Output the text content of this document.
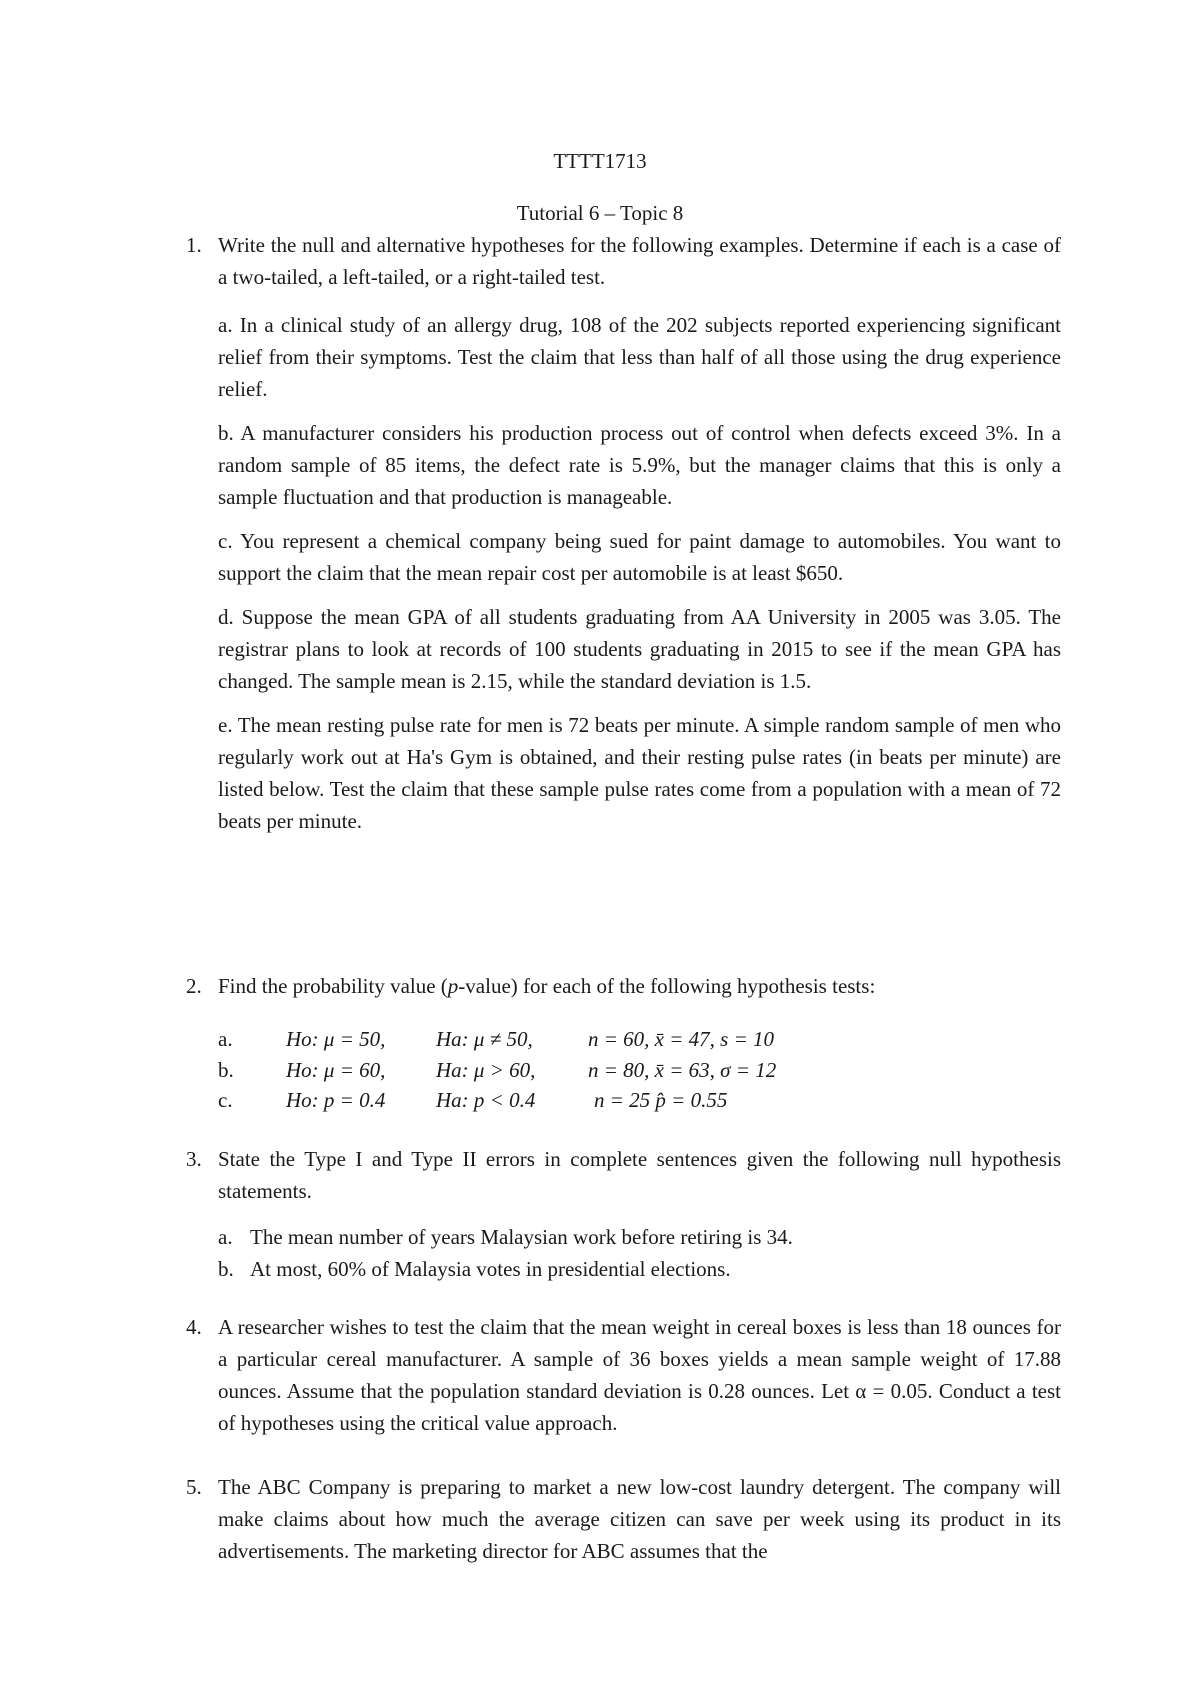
TTTT1713
Tutorial 6 – Topic 8
1. Write the null and alternative hypotheses for the following examples. Determine if each is a case of a two-tailed, a left-tailed, or a right-tailed test.
a. In a clinical study of an allergy drug, 108 of the 202 subjects reported experiencing significant relief from their symptoms. Test the claim that less than half of all those using the drug experience relief.
b. A manufacturer considers his production process out of control when defects exceed 3%. In a random sample of 85 items, the defect rate is 5.9%, but the manager claims that this is only a sample fluctuation and that production is manageable.
c. You represent a chemical company being sued for paint damage to automobiles. You want to support the claim that the mean repair cost per automobile is at least $650.
d. Suppose the mean GPA of all students graduating from AA University in 2005 was 3.05. The registrar plans to look at records of 100 students graduating in 2015 to see if the mean GPA has changed. The sample mean is 2.15, while the standard deviation is 1.5.
e. The mean resting pulse rate for men is 72 beats per minute. A simple random sample of men who regularly work out at Ha's Gym is obtained, and their resting pulse rates (in beats per minute) are listed below. Test the claim that these sample pulse rates come from a population with a mean of 72 beats per minute.
2. Find the probability value (p-value) for each of the following hypothesis tests:
a.	Ho: μ = 50, Ha: μ ≠ 50,	n = 60, x̄ = 47, s = 10
b. Ho: μ = 60, Ha: μ > 60,	n = 80, x̄ = 63, σ = 12
c.	Ho: p = 0.4 Ha: p < 0.4	n = 25 p̂ = 0.55
3. State the Type I and Type II errors in complete sentences given the following null hypothesis statements.
a. The mean number of years Malaysian work before retiring is 34.
b. At most, 60% of Malaysia votes in presidential elections.
4. A researcher wishes to test the claim that the mean weight in cereal boxes is less than 18 ounces for a particular cereal manufacturer. A sample of 36 boxes yields a mean sample weight of 17.88 ounces. Assume that the population standard deviation is 0.28 ounces. Let α = 0.05. Conduct a test of hypotheses using the critical value approach.
5. The ABC Company is preparing to market a new low-cost laundry detergent. The company will make claims about how much the average citizen can save per week using its product in its advertisements. The marketing director for ABC assumes that the
